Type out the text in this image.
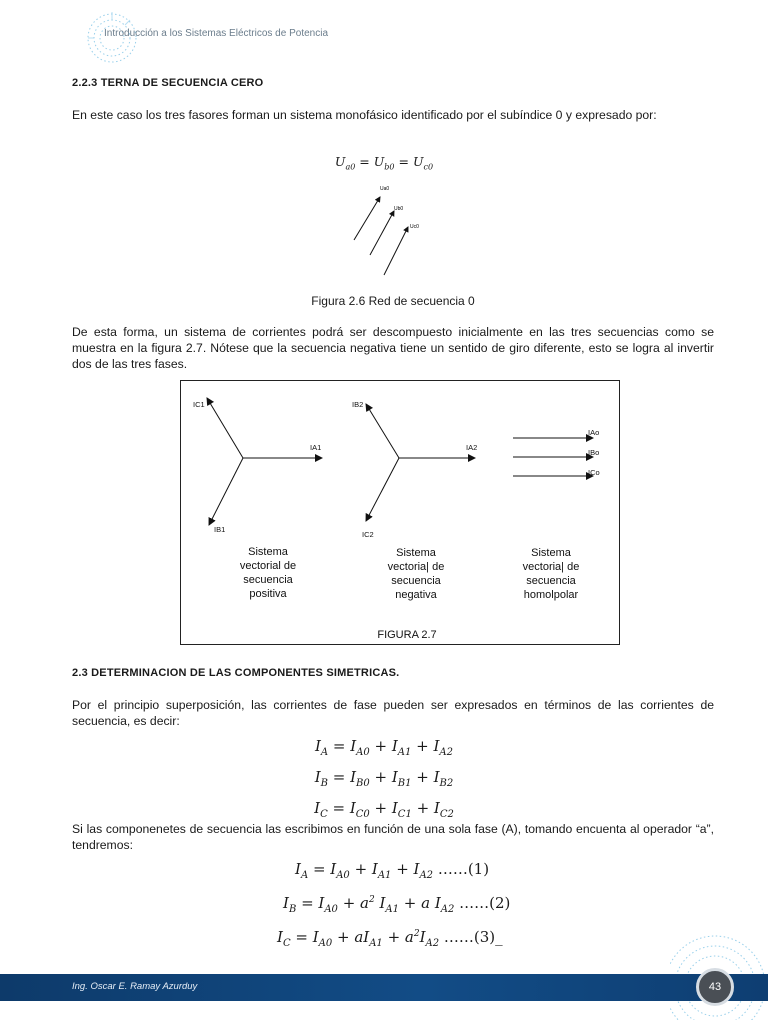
Introducción a los Sistemas Eléctricos de Potencia
2.2.3 TERNA DE SECUENCIA CERO
En este caso los tres fasores forman un sistema monofásico identificado por el subíndice 0 y expresado por:
$U_{a0} = U_{b0} = U_{c0}$
Ua0
Ub0
Uc0
Figura 2.6 Red de secuencia 0
De esta forma, un sistema de corrientes podrá ser descompuesto inicialmente en las tres secuencias como se muestra en la figura 2.7. Nótese que la secuencia negativa tiene un sentido de giro diferente, esto se logra al invertir dos de las tres fases.
IC1
IA1
IB1
IB2
IA2
IC2
IAo
IBo
ICo
Sistema
vectorial de
secuencia
positiva
Sistema
vectoria| de
secuencia
negativa
Sistema
vectoria| de
secuencia
homolpolar
FIGURA 2.7
2.3 DETERMINACION DE LAS COMPONENTES SIMETRICAS.
Por el principio superposición, las corrientes de fase pueden ser expresados en términos de las corrientes de secuencia, es decir:
$I_A = I_{A0} + I_{A1} + I_{A2}$
$I_B = I_{B0} + I_{B1} + I_{B2}$
$I_C = I_{C0} + I_{C1} + I_{C2}$
Si las componenetes de secuencia las escribimos en función de una sola fase (A), tomando encuenta al operador “a”, tendremos:
$I_A = I_{A0} + I_{A1} + I_{A2}$ ……(1)
$I_B = I_{A0} + a^2$ $I_{A1} + a$ $I_{A2}$ ……(2)
$I_C = I_{A0} + aI_{A1} + a^2I_{A2}$ ……(3)_
Ing. Oscar E. Ramay Azurduy	43
